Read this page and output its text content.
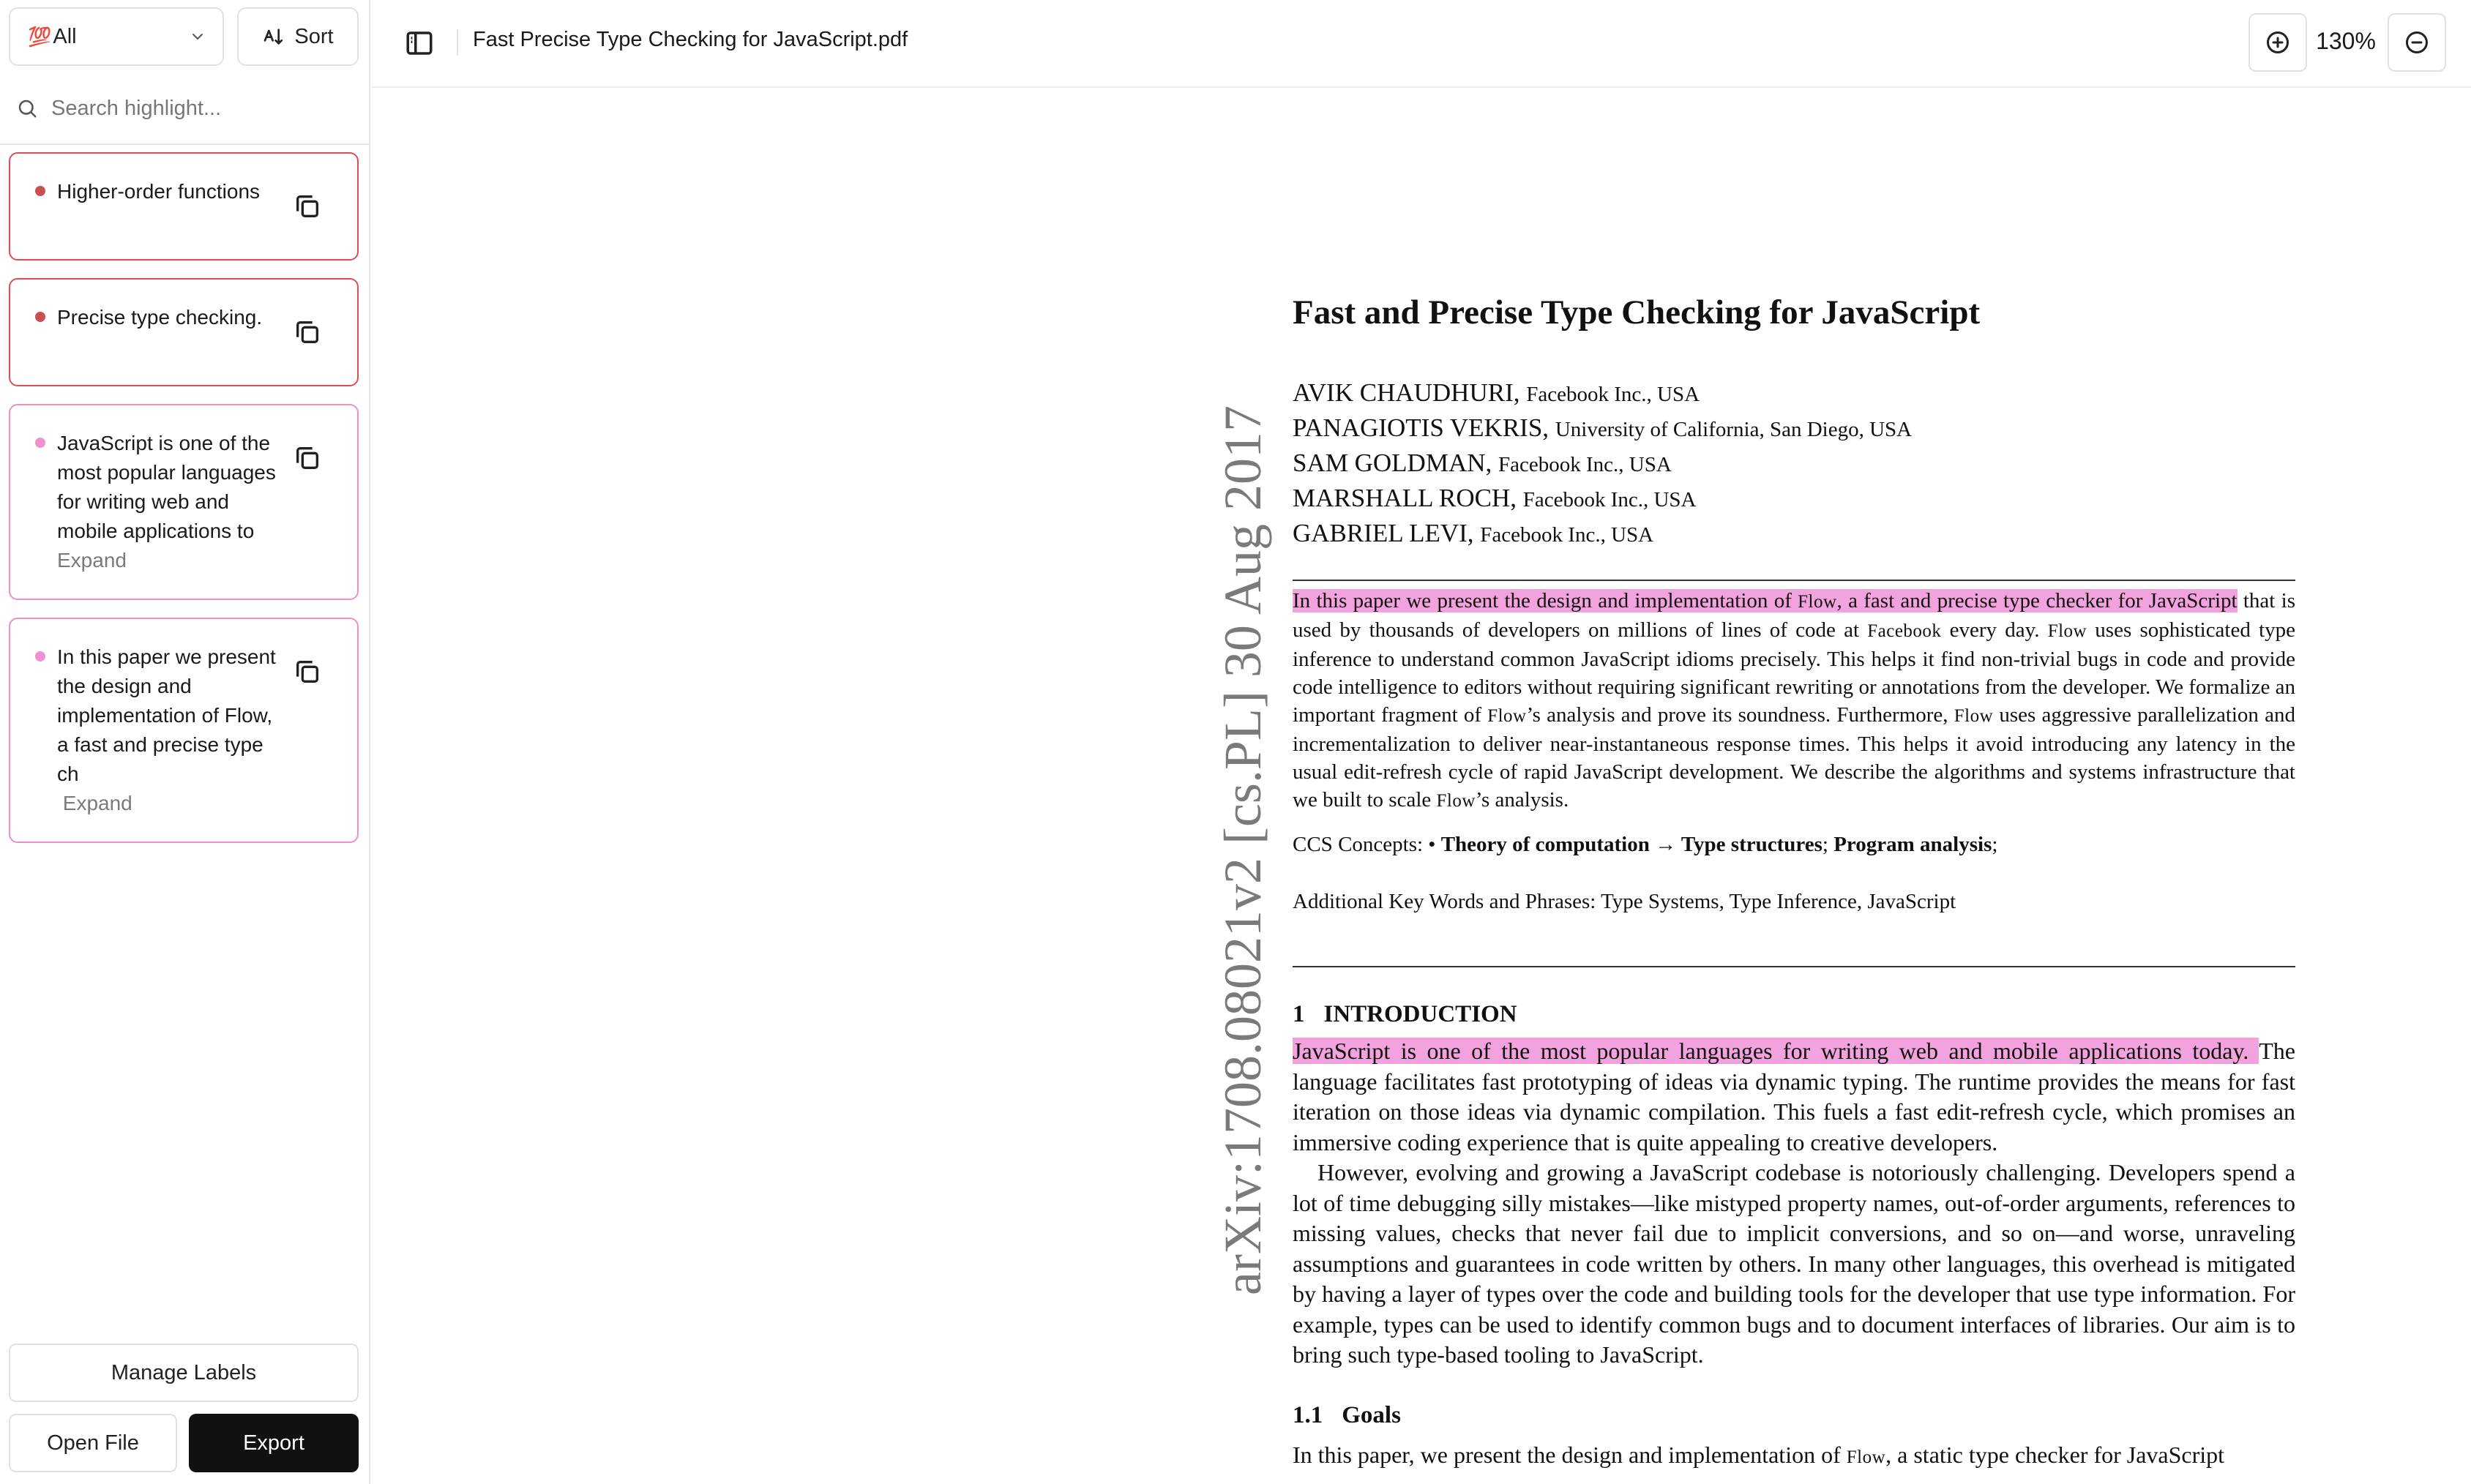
💯 All	Sort
Search highlight...
Higher-order functions
Precise type checking.
JavaScript is one of the most popular languages for writing web and mobile applications to Expand
In this paper we present the design and implementation of Flow, a fast and precise type ch
Expand
Manage Labels
Open File	Export
Fast Precise Type Checking for JavaScript.pdf	130%
arXiv:1708.08021v2 [cs.PL] 30 Aug 2017
Fast and Precise Type Checking for JavaScript
AVIK CHAUDHURI, Facebook Inc., USA
PANAGIOTIS VEKRIS, University of California, San Diego, USA
SAM GOLDMAN, Facebook Inc., USA
MARSHALL ROCH, Facebook Inc., USA
GABRIEL LEVI, Facebook Inc., USA
In this paper we present the design and implementation of Flow, a fast and precise type checker for JavaScript that is used by thousands of developers on millions of lines of code at Facebook every day. Flow uses sophisticated type inference to understand common JavaScript idioms precisely. This helps it find non-trivial bugs in code and provide code intelligence to editors without requiring significant rewriting or annotations from the developer. We formalize an important fragment of Flow’s analysis and prove its soundness. Furthermore, Flow uses aggressive parallelization and incrementalization to deliver near-instantaneous response times. This helps it avoid introducing any latency in the usual edit-refresh cycle of rapid JavaScript development. We describe the algorithms and systems infrastructure that we built to scale Flow’s analysis.
CCS Concepts: • Theory of computation → Type structures; Program analysis;
Additional Key Words and Phrases: Type Systems, Type Inference, JavaScript
1 INTRODUCTION

JavaScript is one of the most popular languages for writing web and mobile applications today. The language facilitates fast prototyping of ideas via dynamic typing. The runtime provides the means for fast iteration on those ideas via dynamic compilation. This fuels a fast edit-refresh cycle, which promises an immersive coding experience that is quite appealing to creative developers.

However, evolving and growing a JavaScript codebase is notoriously challenging. Developers spend a lot of time debugging silly mistakes—like mistyped property names, out-of-order arguments, references to missing values, checks that never fail due to implicit conversions, and so on—and worse, unraveling assumptions and guarantees in code written by others. In many other languages, this overhead is mitigated by having a layer of types over the code and building tools for the developer that use type information. For example, types can be used to identify common bugs and to document interfaces of libraries. Our aim is to bring such type-based tooling to JavaScript.

1.1 Goals
In this paper, we present the design and implementation of Flow, a static type checker for JavaScript
